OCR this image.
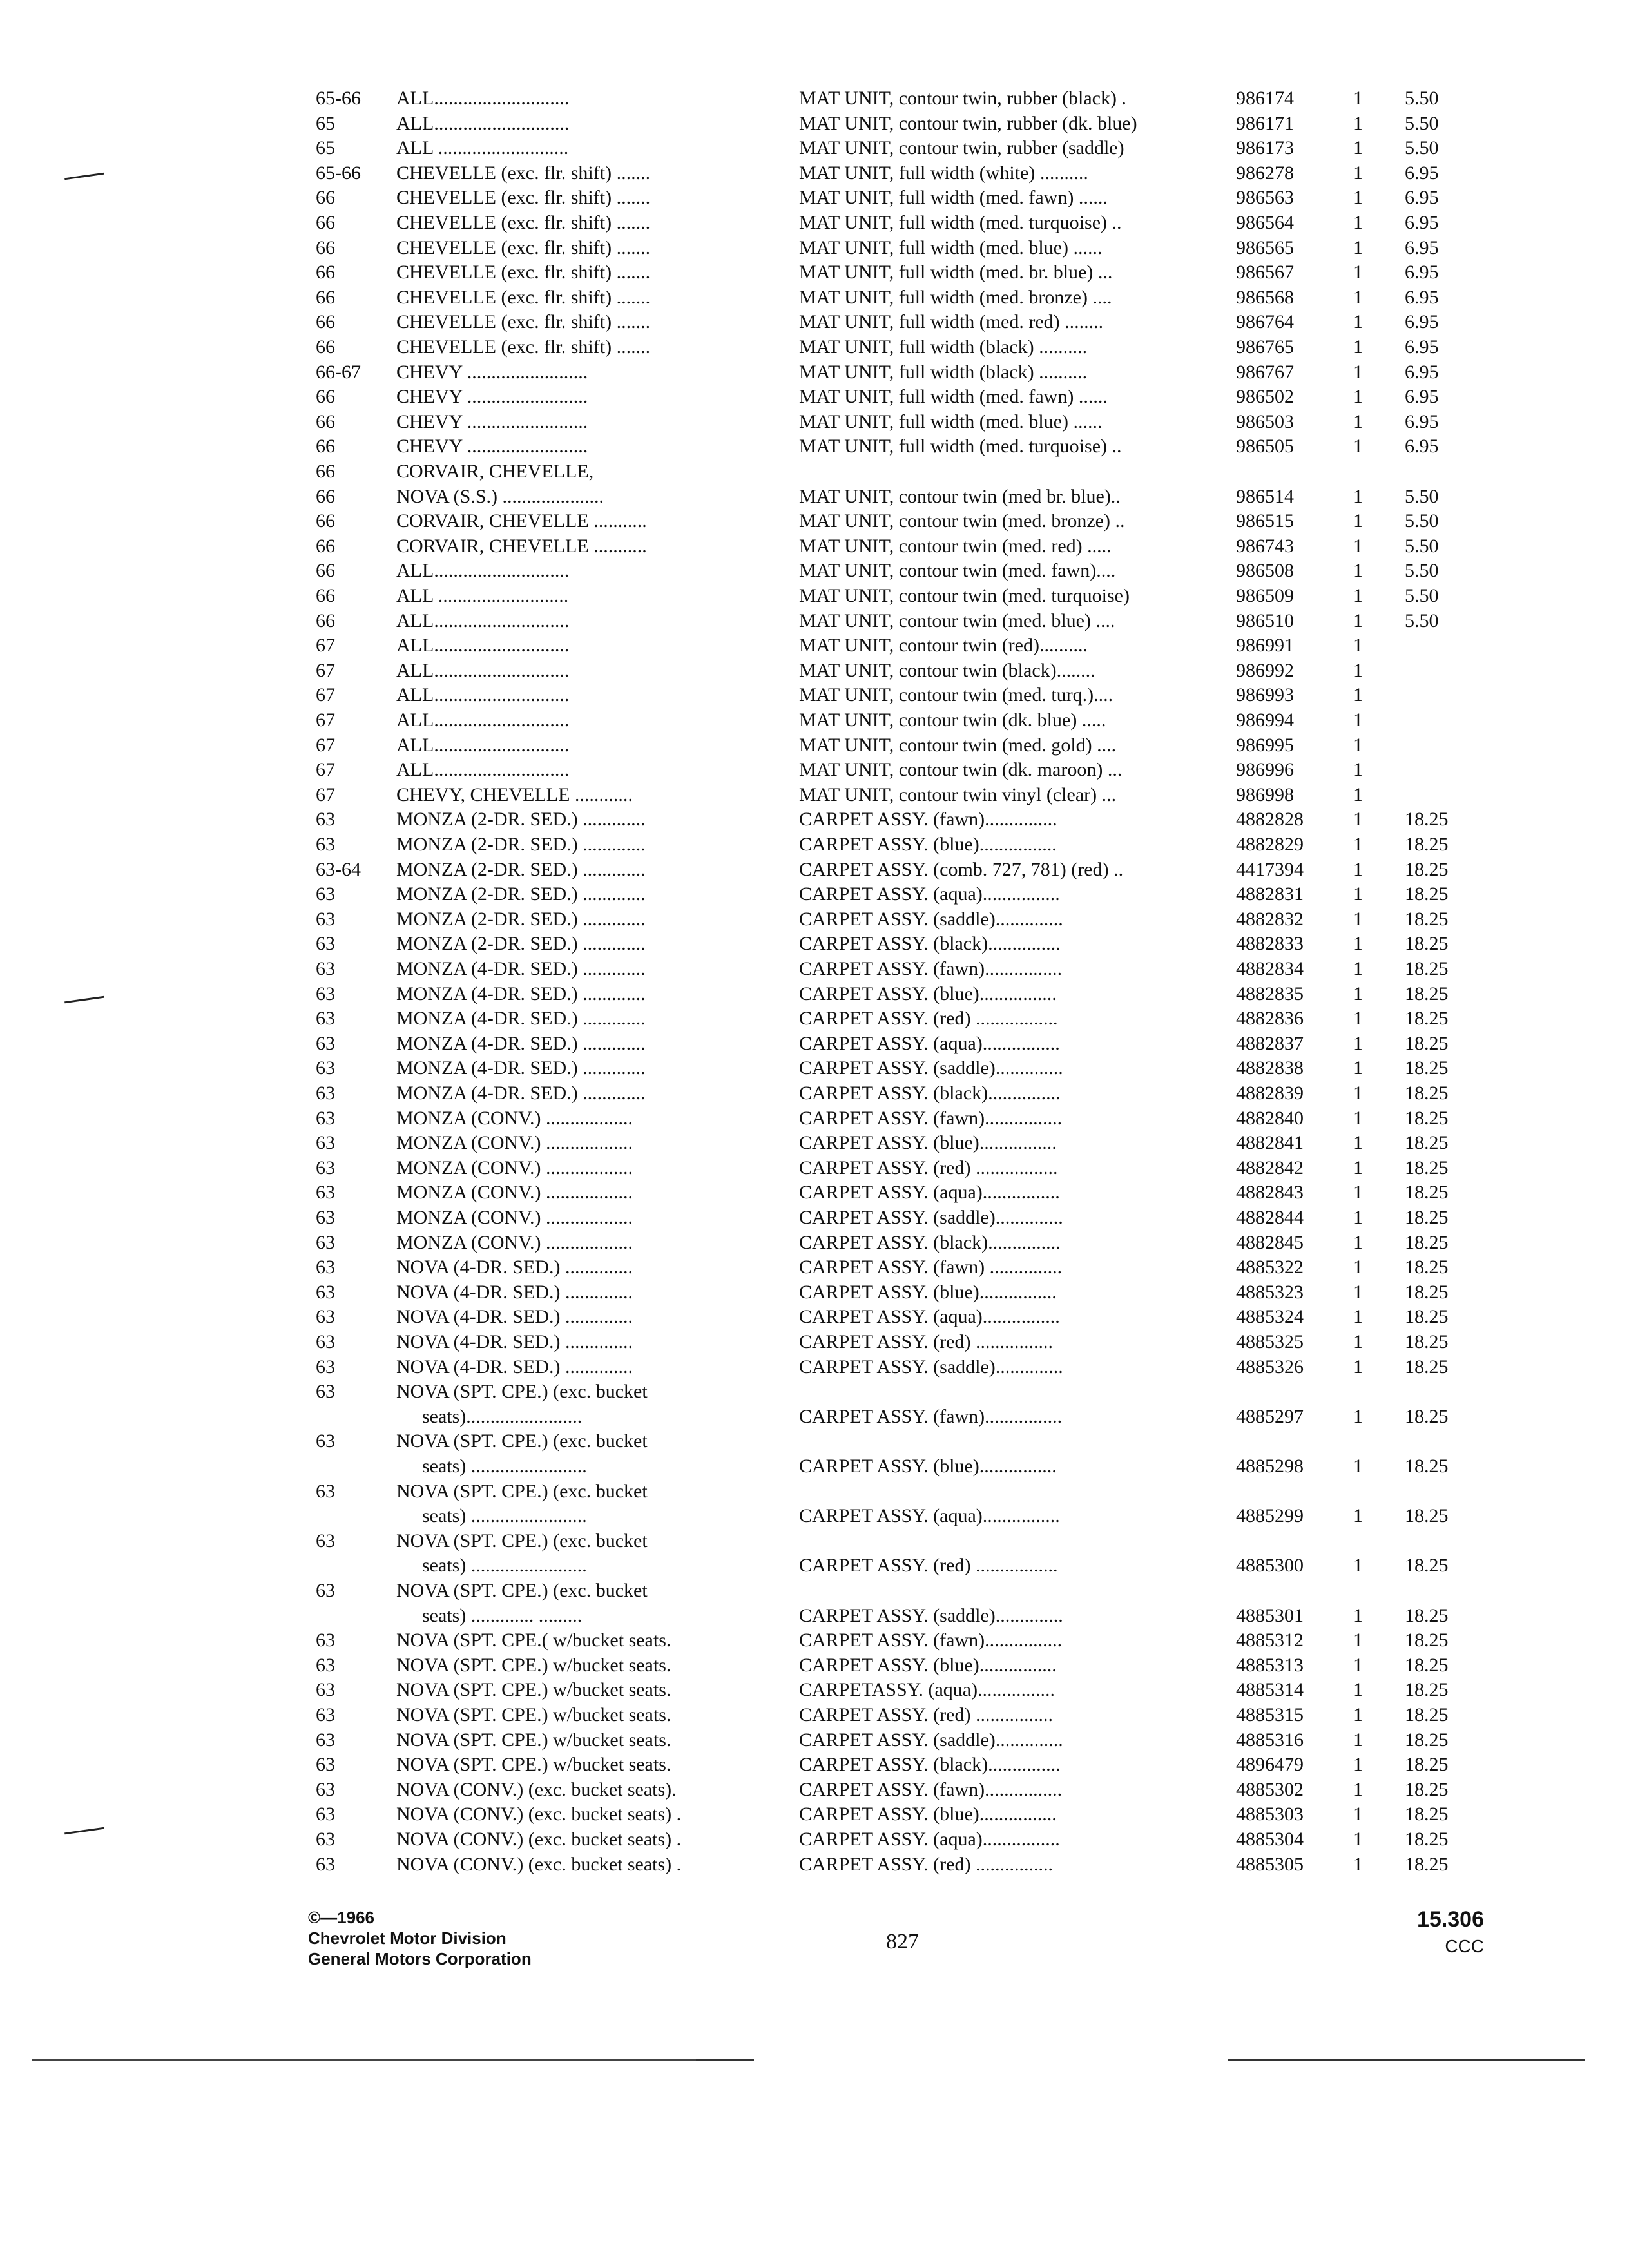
65-66	ALL............................	MAT UNIT, contour twin, rubber (black) .	986174	1	5.50
65	ALL............................	MAT UNIT, contour twin, rubber (dk. blue)	986171	1	5.50
65	ALL ...........................	MAT UNIT, contour twin, rubber (saddle)	986173	1	5.50
65-66	CHEVELLE (exc. flr. shift) .......	MAT UNIT, full width (white) ..........	986278	1	6.95
66	CHEVELLE (exc. flr. shift) .......	MAT UNIT, full width (med. fawn) ......	986563	1	6.95
66	CHEVELLE (exc. flr. shift) .......	MAT UNIT, full width (med. turquoise) ..	986564	1	6.95
66	CHEVELLE (exc. flr. shift) .......	MAT UNIT, full width (med. blue) ......	986565	1	6.95
66	CHEVELLE (exc. flr. shift) .......	MAT UNIT, full width (med. br. blue) ...	986567	1	6.95
66	CHEVELLE (exc. flr. shift) .......	MAT UNIT, full width (med. bronze) ....	986568	1	6.95
66	CHEVELLE (exc. flr. shift) .......	MAT UNIT, full width (med. red) ........	986764	1	6.95
66	CHEVELLE (exc. flr. shift) .......	MAT UNIT, full width (black) ..........	986765	1	6.95
66-67	CHEVY .........................	MAT UNIT, full width (black) ..........	986767	1	6.95
66	CHEVY .........................	MAT UNIT, full width (med. fawn) ......	986502	1	6.95
66	CHEVY .........................	MAT UNIT, full width (med. blue) ......	986503	1	6.95
66	CHEVY .........................	MAT UNIT, full width (med. turquoise) ..	986505	1	6.95
66	CORVAIR, CHEVELLE,
66	NOVA (S.S.) .....................	MAT UNIT, contour twin (med br. blue)..	986514	1	5.50
66	CORVAIR, CHEVELLE ...........	MAT UNIT, contour twin (med. bronze) ..	986515	1	5.50
66	CORVAIR, CHEVELLE ...........	MAT UNIT, contour twin (med. red) .....	986743	1	5.50
66	ALL............................	MAT UNIT, contour twin (med. fawn)....	986508	1	5.50
66	ALL ...........................	MAT UNIT, contour twin (med. turquoise)	986509	1	5.50
66	ALL............................	MAT UNIT, contour twin (med. blue) ....	986510	1	5.50
67	ALL............................	MAT UNIT, contour twin (red)..........	986991	1
67	ALL............................	MAT UNIT, contour twin (black)........	986992	1
67	ALL............................	MAT UNIT, contour twin (med. turq.)....	986993	1
67	ALL............................	MAT UNIT, contour twin (dk. blue) .....	986994	1
67	ALL............................	MAT UNIT, contour twin (med. gold) ....	986995	1
67	ALL............................	MAT UNIT, contour twin (dk. maroon) ...	986996	1
67	CHEVY, CHEVELLE ............	MAT UNIT, contour twin vinyl (clear) ...	986998	1
63	MONZA (2-DR. SED.) .............	CARPET ASSY. (fawn)...............	4882828	1	18.25
63	MONZA (2-DR. SED.) .............	CARPET ASSY. (blue)................	4882829	1	18.25
63-64	MONZA (2-DR. SED.) .............	CARPET ASSY. (comb. 727, 781) (red) ..	4417394	1	18.25
63	MONZA (2-DR. SED.) .............	CARPET ASSY. (aqua)................	4882831	1	18.25
63	MONZA (2-DR. SED.) .............	CARPET ASSY. (saddle)..............	4882832	1	18.25
63	MONZA (2-DR. SED.) .............	CARPET ASSY. (black)...............	4882833	1	18.25
63	MONZA (4-DR. SED.) .............	CARPET ASSY. (fawn)................	4882834	1	18.25
63	MONZA (4-DR. SED.) .............	CARPET ASSY. (blue)................	4882835	1	18.25
63	MONZA (4-DR. SED.) .............	CARPET ASSY. (red) .................	4882836	1	18.25
63	MONZA (4-DR. SED.) .............	CARPET ASSY. (aqua)................	4882837	1	18.25
63	MONZA (4-DR. SED.) .............	CARPET ASSY. (saddle)..............	4882838	1	18.25
63	MONZA (4-DR. SED.) .............	CARPET ASSY. (black)...............	4882839	1	18.25
63	MONZA (CONV.) ..................	CARPET ASSY. (fawn)................	4882840	1	18.25
63	MONZA (CONV.) ..................	CARPET ASSY. (blue)................	4882841	1	18.25
63	MONZA (CONV.) ..................	CARPET ASSY. (red) .................	4882842	1	18.25
63	MONZA (CONV.) ..................	CARPET ASSY. (aqua)................	4882843	1	18.25
63	MONZA (CONV.) ..................	CARPET ASSY. (saddle)..............	4882844	1	18.25
63	MONZA (CONV.) ..................	CARPET ASSY. (black)...............	4882845	1	18.25
63	NOVA (4-DR. SED.) ..............	CARPET ASSY. (fawn) ...............	4885322	1	18.25
63	NOVA (4-DR. SED.) ..............	CARPET ASSY. (blue)................	4885323	1	18.25
63	NOVA (4-DR. SED.) ..............	CARPET ASSY. (aqua)................	4885324	1	18.25
63	NOVA (4-DR. SED.) ..............	CARPET ASSY. (red) ................	4885325	1	18.25
63	NOVA (4-DR. SED.) ..............	CARPET ASSY. (saddle)..............	4885326	1	18.25
63	NOVA (SPT. CPE.) (exc. bucket
seats)........................	CARPET ASSY. (fawn)................	4885297	1	18.25
63	NOVA (SPT. CPE.) (exc. bucket
seats) ........................	CARPET ASSY. (blue)................	4885298	1	18.25
63	NOVA (SPT. CPE.) (exc. bucket
seats) ........................	CARPET ASSY. (aqua)................	4885299	1	18.25
63	NOVA (SPT. CPE.) (exc. bucket
seats) ........................	CARPET ASSY. (red) .................	4885300	1	18.25
63	NOVA (SPT. CPE.) (exc. bucket
seats) ............. .........	CARPET ASSY. (saddle)..............	4885301	1	18.25
63	NOVA (SPT. CPE.( w/bucket seats.	CARPET ASSY. (fawn)................	4885312	1	18.25
63	NOVA (SPT. CPE.) w/bucket seats.	CARPET ASSY. (blue)................	4885313	1	18.25
63	NOVA (SPT. CPE.) w/bucket seats.	CARPETASSY. (aqua)................	4885314	1	18.25
63	NOVA (SPT. CPE.) w/bucket seats.	CARPET ASSY. (red) ................	4885315	1	18.25
63	NOVA (SPT. CPE.) w/bucket seats.	CARPET ASSY. (saddle)..............	4885316	1	18.25
63	NOVA (SPT. CPE.) w/bucket seats.	CARPET ASSY. (black)...............	4896479	1	18.25
63	NOVA (CONV.) (exc. bucket seats).	CARPET ASSY. (fawn)................	4885302	1	18.25
63	NOVA (CONV.) (exc. bucket seats) .	CARPET ASSY. (blue)................	4885303	1	18.25
63	NOVA (CONV.) (exc. bucket seats) .	CARPET ASSY. (aqua)................	4885304	1	18.25
63	NOVA (CONV.) (exc. bucket seats) .	CARPET ASSY. (red) ................	4885305	1	18.25
©—1966
Chevrolet Motor Division
General Motors Corporation
827
15.306
CCC
